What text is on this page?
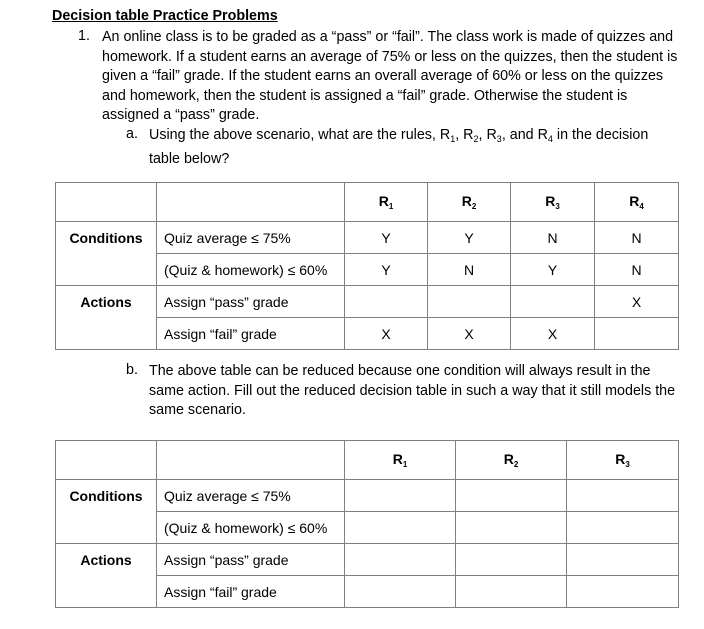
Decision table Practice Problems
1. An online class is to be graded as a “pass” or “fail”. The class work is made of quizzes and homework. If a student earns an average of 75% or less on the quizzes, then the student is given a “fail” grade. If the student earns an overall average of 60% or less on the quizzes and homework, then the student is assigned a “fail” grade. Otherwise the student is assigned a “pass” grade.
a. Using the above scenario, what are the rules, $R_1$, $R_2$, $R_3$, and $R_4$ in the decision table below?
		$R_1$	$R_2$	$R_3$	$R_4$
Conditions	Quiz average ≤ 75%	Y	Y	N	N
	(Quiz & homework) ≤ 60%	Y	N	Y	N
Actions	Assign “pass” grade				X
	Assign “fail” grade	X	X	X	
b. The above table can be reduced because one condition will always result in the same action. Fill out the reduced decision table in such a way that it still models the same scenario.
		$R_1$	$R_2$	$R_3$
Conditions	Quiz average ≤ 75%			
	(Quiz & homework) ≤ 60%			
Actions	Assign “pass” grade			
	Assign “fail” grade			
